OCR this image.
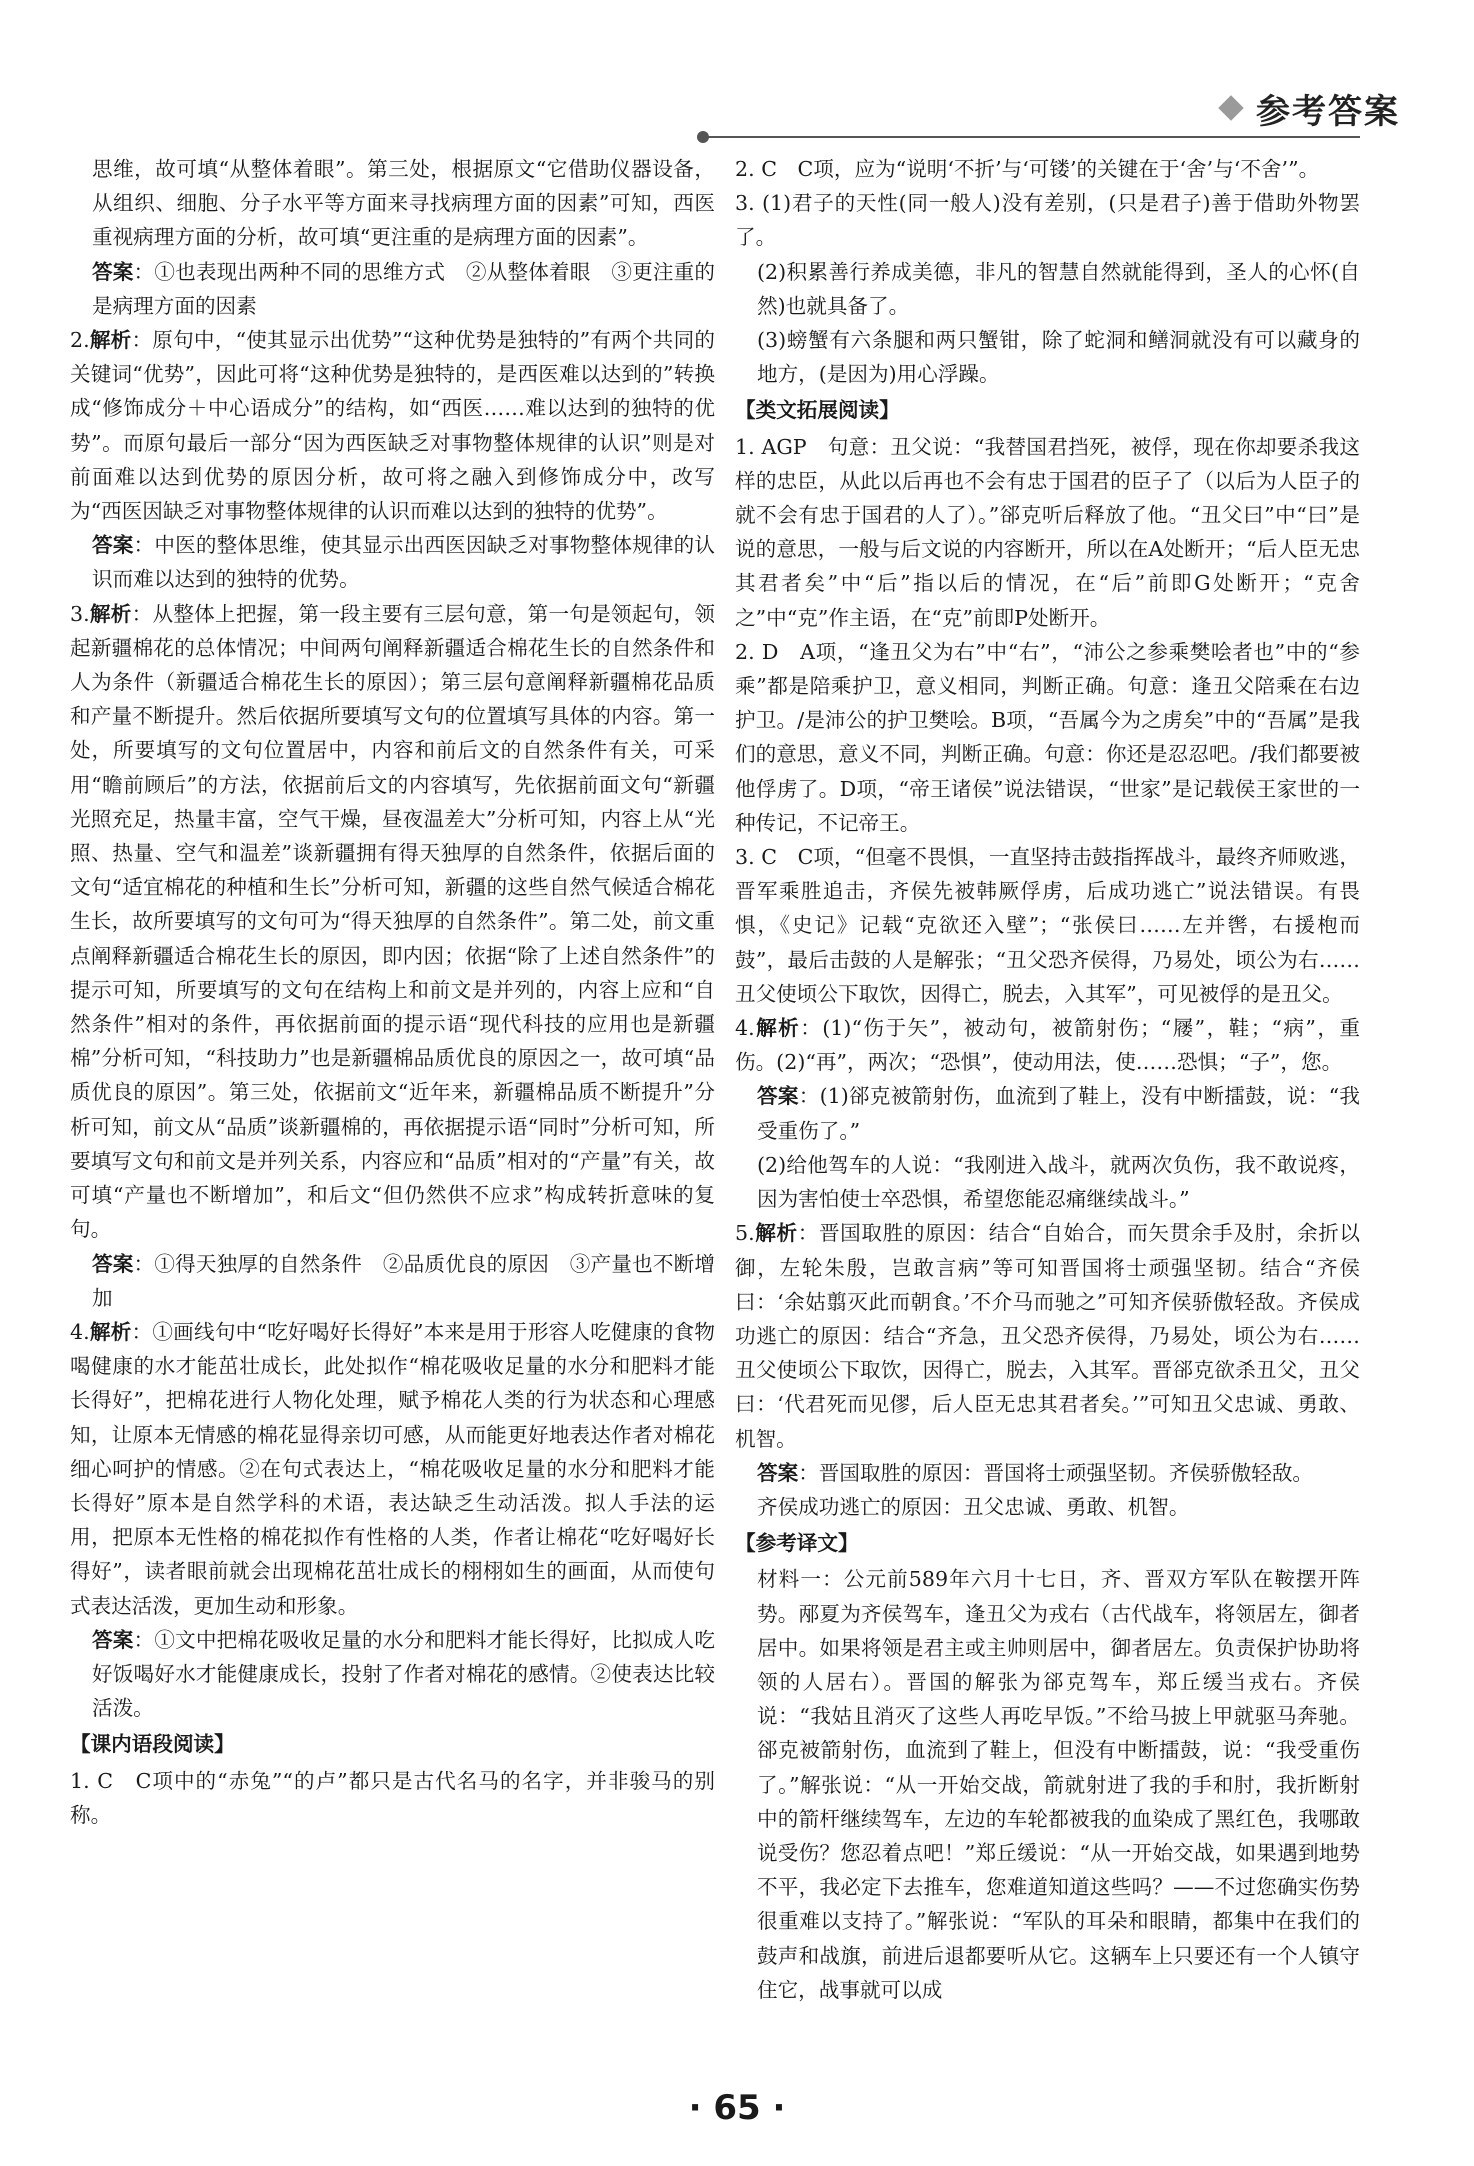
参考答案

思维，故可填“从整体着眼”。第三处，根据原文“它借助仪器设备，从组织、细胞、分子水平等方面来寻找病理方面的因素”可知，西医重视病理方面的分析，故可填“更注重的是病理方面的因素”。

答案：①也表现出两种不同的思维方式　②从整体着眼　③更注重的是病理方面的因素

2.解析：原句中，“使其显示出优势”“这种优势是独特的”有两个共同的关键词“优势”，因此可将“这种优势是独特的，是西医难以达到的”转换成“修饰成分＋中心语成分”的结构，如“西医……难以达到的独特的优势”。而原句最后一部分“因为西医缺乏对事物整体规律的认识”则是对前面难以达到优势的原因分析，故可将之融入到修饰成分中，改写为“西医因缺乏对事物整体规律的认识而难以达到的独特的优势”。

答案：中医的整体思维，使其显示出西医因缺乏对事物整体规律的认识而难以达到的独特的优势。

3.解析：从整体上把握，第一段主要有三层句意，第一句是领起句，领起新疆棉花的总体情况；中间两句阐释新疆适合棉花生长的自然条件和人为条件（新疆适合棉花生长的原因）；第三层句意阐释新疆棉花品质和产量不断提升。然后依据所要填写文句的位置填写具体的内容。第一处，所要填写的文句位置居中，内容和前后文的自然条件有关，可采用“瞻前顾后”的方法，依据前后文的内容填写，先依据前面文句“新疆光照充足，热量丰富，空气干燥，昼夜温差大”分析可知，内容上从“光照、热量、空气和温差”谈新疆拥有得天独厚的自然条件，依据后面的文句“适宜棉花的种植和生长”分析可知，新疆的这些自然气候适合棉花生长，故所要填写的文句可为“得天独厚的自然条件”。第二处，前文重点阐释新疆适合棉花生长的原因，即内因；依据“除了上述自然条件”的提示可知，所要填写的文句在结构上和前文是并列的，内容上应和“自然条件”相对的条件，再依据前面的提示语“现代科技的应用也是新疆棉”分析可知，“科技助力”也是新疆棉品质优良的原因之一，故可填“品质优良的原因”。第三处，依据前文“近年来，新疆棉品质不断提升”分析可知，前文从“品质”谈新疆棉的，再依据提示语“同时”分析可知，所要填写文句和前文是并列关系，内容应和“品质”相对的“产量”有关，故可填“产量也不断增加”，和后文“但仍然供不应求”构成转折意味的复句。

答案：①得天独厚的自然条件　②品质优良的原因　③产量也不断增加

4.解析：①画线句中“吃好喝好长得好”本来是用于形容人吃健康的食物喝健康的水才能茁壮成长，此处拟作“棉花吸收足量的水分和肥料才能长得好”，把棉花进行人物化处理，赋予棉花人类的行为状态和心理感知，让原本无情感的棉花显得亲切可感，从而能更好地表达作者对棉花细心呵护的情感。②在句式表达上，“棉花吸收足量的水分和肥料才能长得好”原本是自然学科的术语，表达缺乏生动活泼。拟人手法的运用，把原本无性格的棉花拟作有性格的人类，作者让棉花“吃好喝好长得好”，读者眼前就会出现棉花茁壮成长的栩栩如生的画面，从而使句式表达活泼，更加生动和形象。

答案：①文中把棉花吸收足量的水分和肥料才能长得好，比拟成人吃好饭喝好水才能健康成长，投射了作者对棉花的感情。②使表达比较活泼。

【课内语段阅读】

1. C　C项中的“赤兔”“的卢”都只是古代名马的名字，并非骏马的别称。

2. C　C项，应为“说明‘不折’与‘可镂’的关键在于‘舍’与‘不舍’”。

3. (1)君子的天性(同一般人)没有差别，(只是君子)善于借助外物罢了。

(2)积累善行养成美德，非凡的智慧自然就能得到，圣人的心怀(自然)也就具备了。

(3)螃蟹有六条腿和两只蟹钳，除了蛇洞和鳝洞就没有可以藏身的地方，(是因为)用心浮躁。

【类文拓展阅读】

1. AGP　句意：丑父说：“我替国君挡死，被俘，现在你却要杀我这样的忠臣，从此以后再也不会有忠于国君的臣子了（以后为人臣子的就不会有忠于国君的人了）。”郤克听后释放了他。“丑父曰”中“曰”是说的意思，一般与后文说的内容断开，所以在A处断开；“后人臣无忠其君者矣”中“后”指以后的情况，在“后”前即G处断开；“克舍之”中“克”作主语，在“克”前即P处断开。

2. D　A项，“逢丑父为右”中“右”，“沛公之参乘樊哙者也”中的“参乘”都是陪乘护卫，意义相同，判断正确。句意：逢丑父陪乘在右边护卫。/是沛公的护卫樊哙。B项，“吾属今为之虏矣”中的“吾属”是我们的意思，意义不同，判断正确。句意：你还是忍忍吧。/我们都要被他俘虏了。D项，“帝王诸侯”说法错误，“世家”是记载侯王家世的一种传记，不记帝王。

3. C　C项，“但毫不畏惧，一直坚持击鼓指挥战斗，最终齐师败逃，晋军乘胜追击，齐侯先被韩厥俘虏，后成功逃亡”说法错误。有畏惧，《史记》记载“克欲还入壁”；“张侯曰……左并辔，右援枹而鼓”，最后击鼓的人是解张；“丑父恐齐侯得，乃易处，顷公为右……丑父使顷公下取饮，因得亡，脱去，入其军”，可见被俘的是丑父。

4.解析：(1)“伤于矢”，被动句，被箭射伤；“屦”，鞋；“病”，重伤。(2)“再”，两次；“恐惧”，使动用法，使……恐惧；“子”，您。

答案：(1)郤克被箭射伤，血流到了鞋上，没有中断擂鼓，说：“我受重伤了。”

(2)给他驾车的人说：“我刚进入战斗，就两次负伤，我不敢说疼，因为害怕使士卒恐惧，希望您能忍痛继续战斗。”

5.解析：晋国取胜的原因：结合“自始合，而矢贯余手及肘，余折以御，左轮朱殷，岂敢言病”等可知晋国将士顽强坚韧。结合“齐侯曰：‘余姑翦灭此而朝食。’不介马而驰之”可知齐侯骄傲轻敌。齐侯成功逃亡的原因：结合“齐急，丑父恐齐侯得，乃易处，顷公为右……丑父使顷公下取饮，因得亡，脱去，入其军。晋郤克欲杀丑父，丑父曰：‘代君死而见僇，后人臣无忠其君者矣。’”可知丑父忠诚、勇敢、机智。

答案：晋国取胜的原因：晋国将士顽强坚韧。齐侯骄傲轻敌。

齐侯成功逃亡的原因：丑父忠诚、勇敢、机智。

【参考译文】

材料一：公元前589年六月十七日，齐、晋双方军队在鞍摆开阵势。邴夏为齐侯驾车，逢丑父为戎右（古代战车，将领居左，御者居中。如果将领是君主或主帅则居中，御者居左。负责保护协助将领的人居右）。晋国的解张为郤克驾车，郑丘缓当戎右。齐侯说：“我姑且消灭了这些人再吃早饭。”不给马披上甲就驱马奔驰。郤克被箭射伤，血流到了鞋上，但没有中断擂鼓，说：“我受重伤了。”解张说：“从一开始交战，箭就射进了我的手和肘，我折断射中的箭杆继续驾车，左边的车轮都被我的血染成了黑红色，我哪敢说受伤？您忍着点吧！”郑丘缓说：“从一开始交战，如果遇到地势不平，我必定下去推车，您难道知道这些吗？——不过您确实伤势很重难以支持了。”解张说：“军队的耳朵和眼睛，都集中在我们的鼓声和战旗，前进后退都要听从它。这辆车上只要还有一个人镇守住它，战事就可以成

· 65 ·
